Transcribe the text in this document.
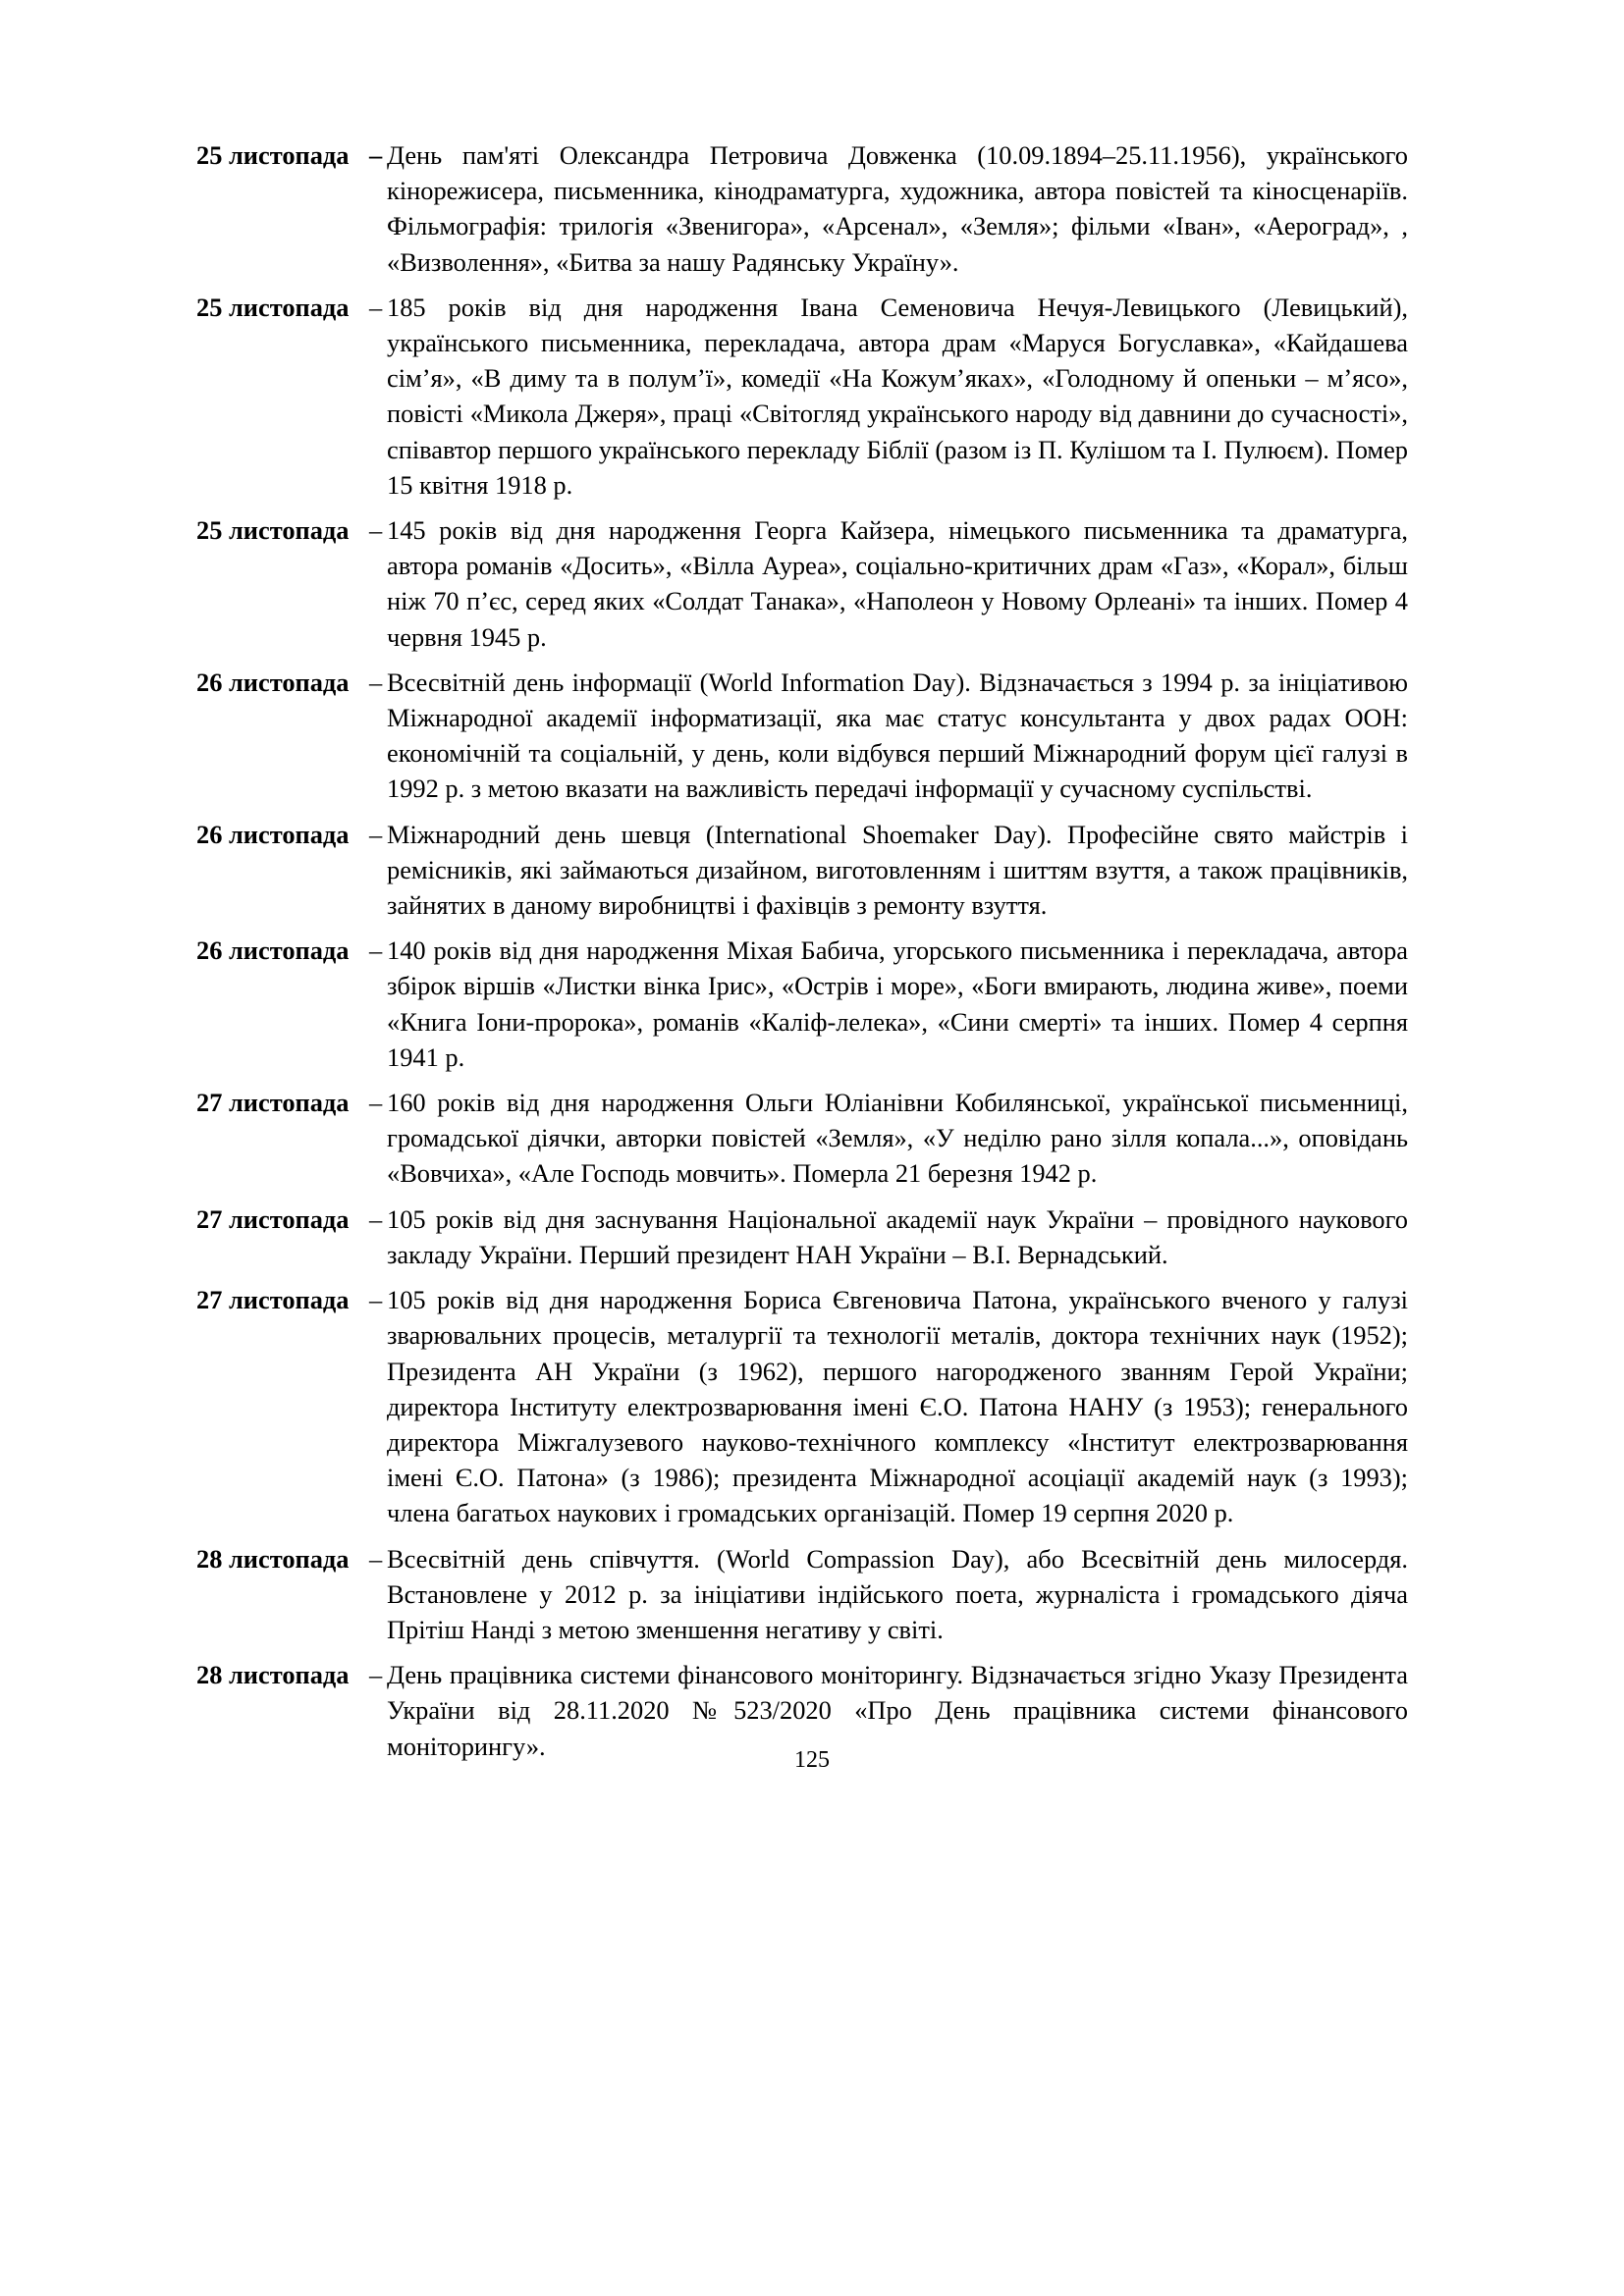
25 листопада – День пам'яті Олександра Петровича Довженка (10.09.1894–25.11.1956), українського кінорежисера, письменника, кінодраматурга, художника, автора повістей та кіносценаріїв. Фільмографія: трилогія «Звенигора», «Арсенал», «Земля»; фільми «Іван», «Аероград», , «Визволення», «Битва за нашу Радянську Україну».
25 листопада – 185 років від дня народження Івана Семеновича Нечуя-Левицького (Левицький), українського письменника, перекладача, автора драм «Маруся Богуславка», «Кайдашева сім’я», «В диму та в полум’ї», комедії «На Кожум’яках», «Голодному й опеньки – м’ясо», повісті «Микола Джеря», праці «Світогляд українського народу від давнини до сучасності», співавтор першого українського перекладу Біблії (разом із П. Кулішом та І. Пулюєм). Помер 15 квітня 1918 р.
25 листопада – 145 років від дня народження Георга Кайзера, німецького письменника та драматурга, автора романів «Досить», «Вілла Ауреа», соціально-критичних драм «Газ», «Корал», більш ніж 70 п’єс, серед яких «Солдат Танака», «Наполеон у Новому Орлеані» та інших. Помер 4 червня 1945 р.
26 листопада – Всесвітній день інформації (World Information Day). Відзначається з 1994 р. за ініціативою Міжнародної академії інформатизації, яка має статус консультанта у двох радах ООН: економічній та соціальній, у день, коли відбувся перший Міжнародний форум цієї галузі в 1992 р. з метою вказати на важливість передачі інформації у сучасному суспільстві.
26 листопада – Міжнародний день шевця (International Shoemaker Day). Професійне свято майстрів і ремісників, які займаються дизайном, виготовленням і шиттям взуття, а також працівників, зайнятих в даному виробництві і фахівців з ремонту взуття.
26 листопада – 140 років від дня народження Міхая Бабича, угорського письменника і перекладача, автора збірок віршів «Листки вінка Ірис», «Острів і море», «Боги вмирають, людина живе», поеми «Книга Іони-пророка», романів «Каліф-лелека», «Сини смерті» та інших. Помер 4 серпня 1941 р.
27 листопада – 160 років від дня народження Ольги Юліанівни Кобилянської, української письменниці, громадської діячки, авторки повістей «Земля», «У неділю рано зілля копала...», оповідань «Вовчиха», «Але Господь мовчить». Померла 21 березня 1942 р.
27 листопада – 105 років від дня заснування Національної академії наук України – провідного наукового закладу України. Перший президент НАН України – В.І. Вернадський.
27 листопада – 105 років від дня народження Бориса Євгеновича Патона, українського вченого у галузі зварювальних процесів, металургії та технології металів, доктора технічних наук (1952); Президента АН України (з 1962), першого нагородженого званням Герой України; директора Інституту електрозварювання імені Є.О. Патона НАНУ (з 1953); генерального директора Міжгалузевого науково-технічного комплексу «Інститут електрозварювання імені Є.О. Патона» (з 1986); президента Міжнародної асоціації академій наук (з 1993); члена багатьох наукових і громадських організацій. Помер 19 серпня 2020 р.
28 листопада – Всесвітній день співчуття. (World Compassion Day), або Всесвітній день милосердя. Встановлене у 2012 р. за ініціативи індійського поета, журналіста і громадського діяча Прітіш Нанді з метою зменшення негативу у світі.
28 листопада – День працівника системи фінансового моніторингу. Відзначається згідно Указу Президента України від 28.11.2020 №523/2020 «Про День працівника системи фінансового моніторингу».	125
